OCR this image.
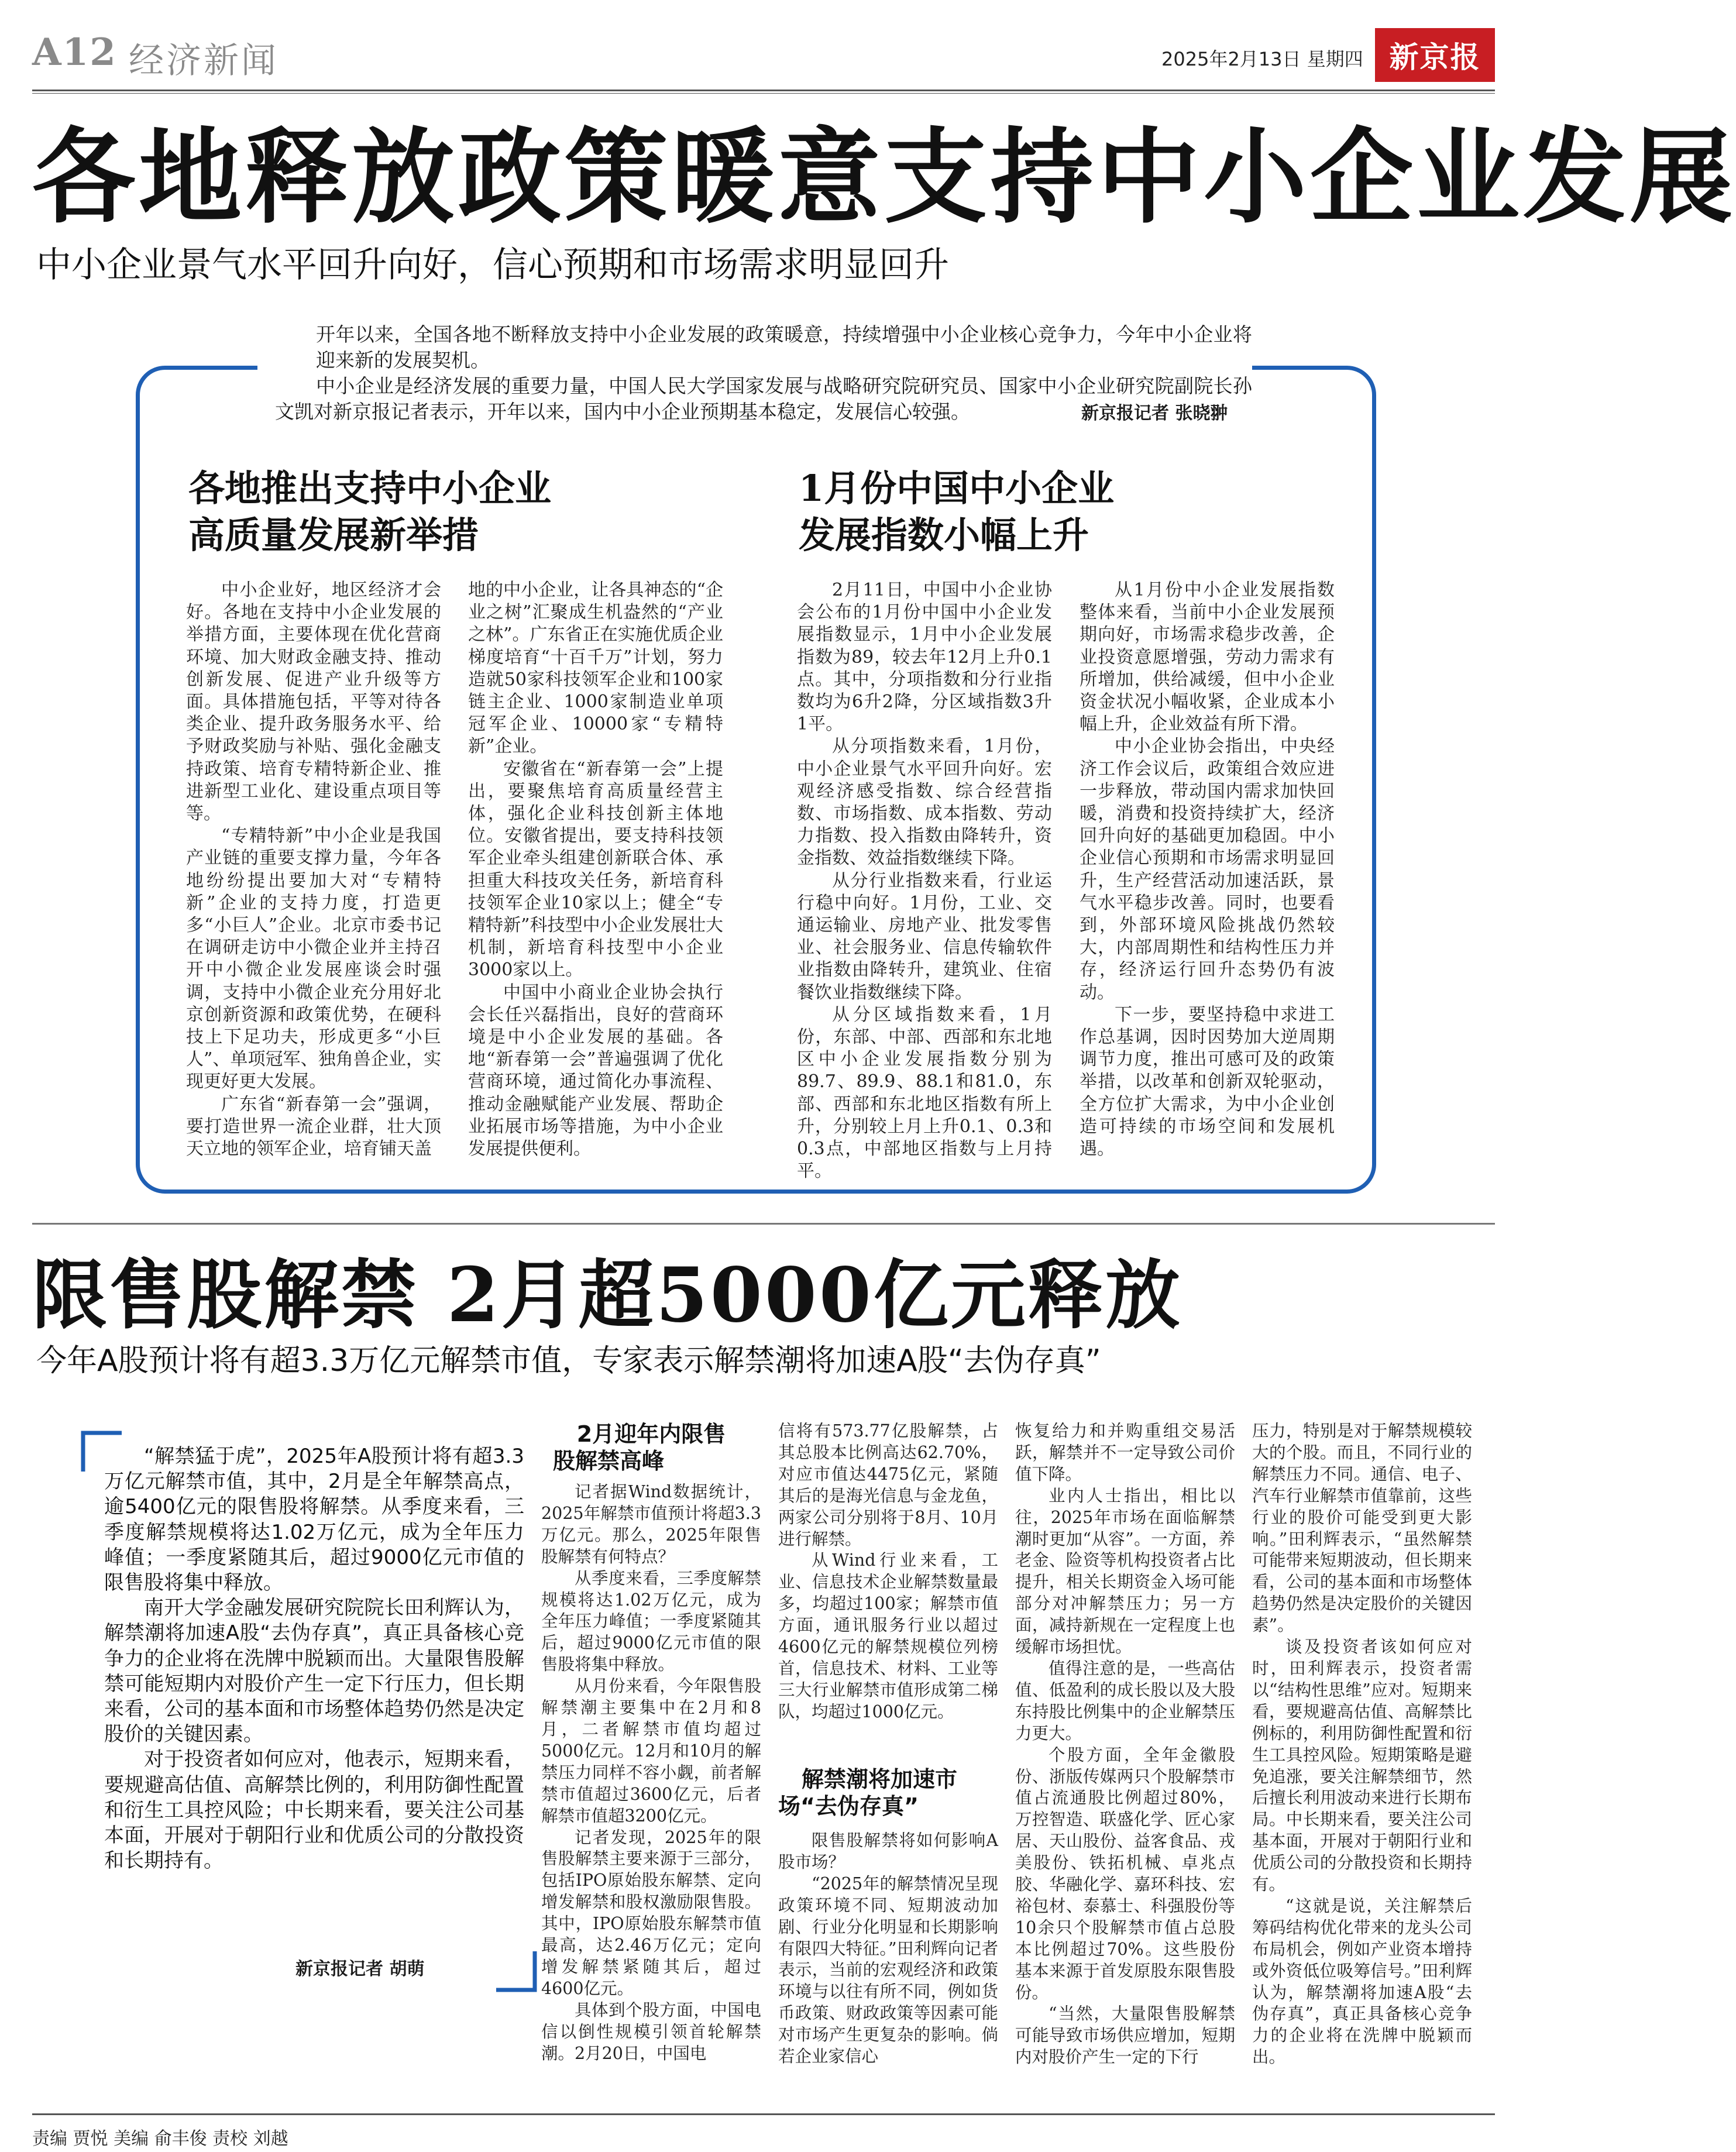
A12 经济新闻	2025年2月13日 星期四 新京报
各地释放政策暖意支持中小企业发展
中小企业景气水平回升向好，信心预期和市场需求明显回升
开年以来，全国各地不断释放支持中小企业发展的政策暖意，持续增强中小企业核心竞争力，今年中小企业将迎来新的发展契机。
中小企业是经济发展的重要力量，中国人民大学国家发展与战略研究院研究员、国家中小企业研究院副院长孙文凯对新京报记者表示，开年以来，国内中小企业预期基本稳定，发展信心较强。	新京报记者 张晓翀
各地推出支持中小企业
高质量发展新举措

中小企业好，地区经济才会好。各地在支持中小企业发展的举措方面，主要体现在优化营商环境、加大财政金融支持、推动创新发展、促进产业升级等方面。具体措施包括，平等对待各类企业、提升政务服务水平、给予财政奖励与补贴、强化金融支持政策、培育专精特新企业、推进新型工业化、建设重点项目等等。

“专精特新”中小企业是我国产业链的重要支撑力量，今年各地纷纷提出要加大对“专精特新”企业的支持力度，打造更多“小巨人”企业。北京市委书记在调研走访中小微企业并主持召开中小微企业发展座谈会时强调，支持中小微企业充分用好北京创新资源和政策优势，在硬科技上下足功夫，形成更多“小巨人”、单项冠军、独角兽企业，实现更好更大发展。

广东省“新春第一会”强调，要打造世界一流企业群，壮大顶天立地的领军企业，培育铺天盖

地的中小企业，让各具神态的“企业之树”汇聚成生机盎然的“产业之林”。广东省正在实施优质企业梯度培育“十百千万”计划，努力造就50家科技领军企业和100家链主企业、1000家制造业单项冠军企业、10000家“专精特新”企业。

安徽省在“新春第一会”上提出，要聚焦培育高质量经营主体，强化企业科技创新主体地位。安徽省提出，要支持科技领军企业牵头组建创新联合体、承担重大科技攻关任务，新培育科技领军企业10家以上；健全“专精特新”科技型中小企业发展壮大机制，新培育科技型中小企业3000家以上。

中国中小商业企业协会执行会长任兴磊指出，良好的营商环境是中小企业发展的基础。各地“新春第一会”普遍强调了优化营商环境，通过简化办事流程、推动金融赋能产业发展、帮助企业拓展市场等措施，为中小企业发展提供便利。

1月份中国中小企业
发展指数小幅上升

2月11日，中国中小企业协会公布的1月份中国中小企业发展指数显示，1月中小企业发展指数为89，较去年12月上升0.1点。其中，分项指数和分行业指数均为6升2降，分区域指数3升1平。

从分项指数来看，1月份，中小企业景气水平回升向好。宏观经济感受指数、综合经营指数、市场指数、成本指数、劳动力指数、投入指数由降转升，资金指数、效益指数继续下降。

从分行业指数来看，行业运行稳中向好。1月份，工业、交通运输业、房地产业、批发零售业、社会服务业、信息传输软件业指数由降转升，建筑业、住宿餐饮业指数继续下降。

从分区域指数来看，1月份，东部、中部、西部和东北地区中小企业发展指数分别为89.7、89.9、88.1和81.0，东部、西部和东北地区指数有所上升，分别较上月上升0.1、0.3和0.3点，中部地区指数与上月持平。

从1月份中小企业发展指数整体来看，当前中小企业发展预期向好，市场需求稳步改善，企业投资意愿增强，劳动力需求有所增加，供给减缓，但中小企业资金状况小幅收紧，企业成本小幅上升，企业效益有所下滑。

中小企业协会指出，中央经济工作会议后，政策组合效应进一步释放，带动国内需求加快回暖，消费和投资持续扩大，经济回升向好的基础更加稳固。中小企业信心预期和市场需求明显回升，生产经营活动加速活跃，景气水平稳步改善。同时，也要看到，外部环境风险挑战仍然较大，内部周期性和结构性压力并存，经济运行回升态势仍有波动。

下一步，要坚持稳中求进工作总基调，因时因势加大逆周期调节力度，推出可感可及的政策举措，以改革和创新双轮驱动，全方位扩大需求，为中小企业创造可持续的市场空间和发展机遇。

限售股解禁 2月超5000亿元释放
今年A股预计将有超3.3万亿元解禁市值，专家表示解禁潮将加速A股“去伪存真”

“解禁猛于虎”，2025年A股预计将有超3.3万亿元解禁市值，其中，2月是全年解禁高点，逾5400亿元的限售股将解禁。从季度来看，三季度解禁规模将达1.02万亿元，成为全年压力峰值；一季度紧随其后，超过9000亿元市值的限售股将集中释放。

南开大学金融发展研究院院长田利辉认为，解禁潮将加速A股“去伪存真”，真正具备核心竞争力的企业将在洗牌中脱颖而出。大量限售股解禁可能短期内对股价产生一定下行压力，但长期来看，公司的基本面和市场整体趋势仍然是决定股价的关键因素。

对于投资者如何应对，他表示，短期来看，要规避高估值、高解禁比例的，利用防御性配置和衍生工具控风险；中长期来看，要关注公司基本面，开展对于朝阳行业和优质公司的分散投资和长期持有。

新京报记者 胡萌
2月迎年内限售
股解禁高峰

记者据Wind数据统计，2025年解禁市值预计将超3.3万亿元。那么，2025年限售股解禁有何特点？

从季度来看，三季度解禁规模将达1.02万亿元，成为全年压力峰值；一季度紧随其后，超过9000亿元市值的限售股将集中释放。

从月份来看，今年限售股解禁潮主要集中在2月和8月，二者解禁市值均超过5000亿元。12月和10月的解禁压力同样不容小觑，前者解禁市值超过3600亿元，后者解禁市值超3200亿元。

记者发现，2025年的限售股解禁主要来源于三部分，包括IPO原始股东解禁、定向增发解禁和股权激励限售股。其中，IPO原始股东解禁市值最高，达2.46万亿元；定向增发解禁紧随其后，超过4600亿元。

具体到个股方面，中国电信以倒性规模引领首轮解禁潮。2月20日，中国电

信将有573.77亿股解禁，占其总股本比例高达62.70%，对应市值达4475亿元，紧随其后的是海光信息与金龙鱼，两家公司分别将于8月、10月进行解禁。

从Wind行业来看，工业、信息技术企业解禁数量最多，均超过100家；解禁市值方面，通讯服务行业以超过4600亿元的解禁规模位列榜首，信息技术、材料、工业等三大行业解禁市值形成第二梯队，均超过1000亿元。

解禁潮将加速市
场“去伪存真”

限售股解禁将如何影响A股市场？

“2025年的解禁情况呈现政策环境不同、短期波动加剧、行业分化明显和长期影响有限四大特征。”田利辉向记者表示，当前的宏观经济和政策环境与以往有所不同，例如货币政策、财政政策等因素可能对市场产生更复杂的影响。倘若企业家信心

恢复给力和并购重组交易活跃，解禁并不一定导致公司价值下降。

业内人士指出，相比以往，2025年市场在面临解禁潮时更加“从容”。一方面，养老金、险资等机构投资者占比提升，相关长期资金入场可能部分对冲解禁压力；另一方面，减持新规在一定程度上也缓解市场担忧。

值得注意的是，一些高估值、低盈利的成长股以及大股东持股比例集中的企业解禁压力更大。

个股方面，全年金徽股份、浙版传媒两只个股解禁市值占流通股比例超过80%，万控智造、联盛化学、匠心家居、天山股份、益客食品、戎美股份、铁拓机械、卓兆点胶、华融化学、嘉环科技、宏裕包材、泰慕士、科强股份等10余只个股解禁市值占总股本比例超过70%。这些股份基本来源于首发原股东限售股份。

“当然，大量限售股解禁可能导致市场供应增加，短期内对股价产生一定的下行

压力，特别是对于解禁规模较大的个股。而且，不同行业的解禁压力不同。通信、电子、汽车行业解禁市值靠前，这些行业的股价可能受到更大影响。”田利辉表示，“虽然解禁可能带来短期波动，但长期来看，公司的基本面和市场整体趋势仍然是决定股价的关键因素”。

谈及投资者该如何应对时，田利辉表示，投资者需以“结构性思维”应对。短期来看，要规避高估值、高解禁比例标的，利用防御性配置和衍生工具控风险。短期策略是避免追涨，要关注解禁细节，然后擅长利用波动来进行长期布局。中长期来看，要关注公司基本面，开展对于朝阳行业和优质公司的分散投资和长期持有。

“这就是说，关注解禁后筹码结构优化带来的龙头公司布局机会，例如产业资本增持或外资低位吸筹信号。”田利辉认为，解禁潮将加速A股“去伪存真”，真正具备核心竞争力的企业将在洗牌中脱颖而出。

责编 贾悦 美编 俞丰俊 责校 刘越
